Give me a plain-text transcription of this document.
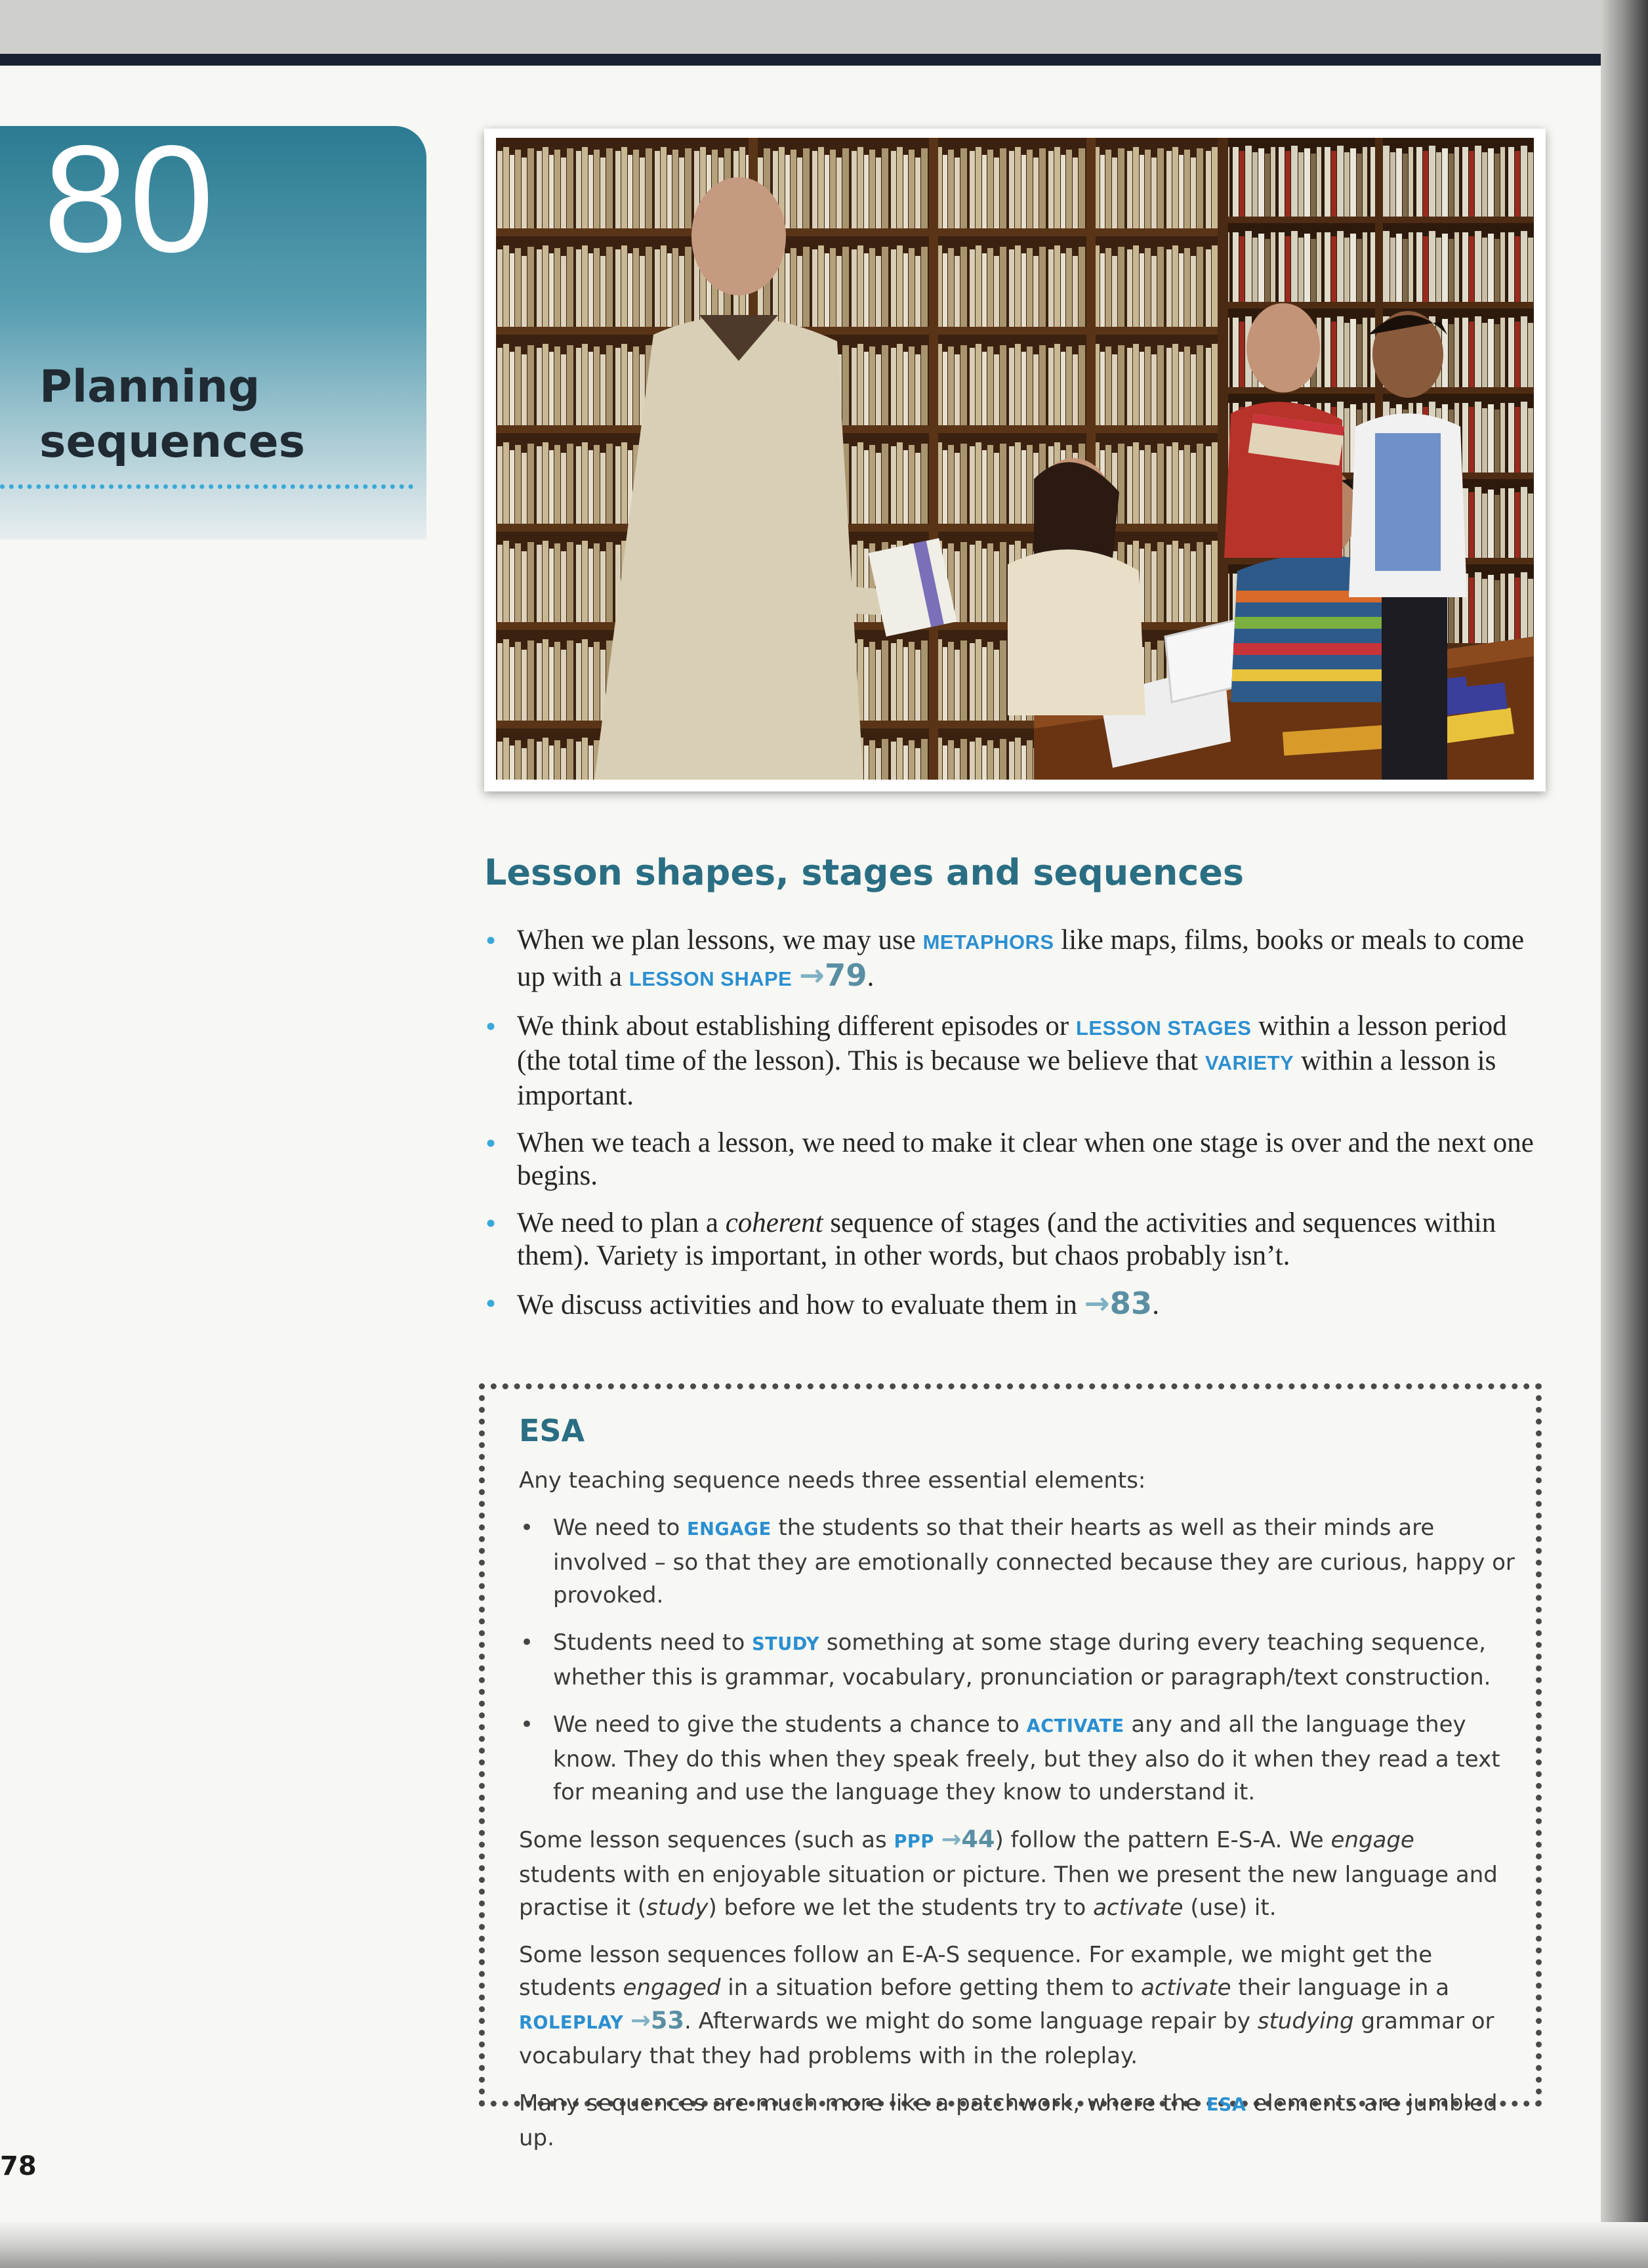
80
Planning sequences
Lesson shapes, stages and sequences
• When we plan lessons, we may use METAPHORS like maps, films, books or meals to come up with a LESSON SHAPE →79.
• We think about establishing different episodes or LESSON STAGES within a lesson period (the total time of the lesson). This is because we believe that VARIETY within a lesson is important.
• When we teach a lesson, we need to make it clear when one stage is over and the next one begins.
• We need to plan a coherent sequence of stages (and the activities and sequences within them). Variety is important, in other words, but chaos probably isn’t.
• We discuss activities and how to evaluate them in →83.
ESA

Any teaching sequence needs three essential elements:

• We need to ENGAGE the students so that their hearts as well as their minds are involved – so that they are emotionally connected because they are curious, happy or provoked.
• Students need to STUDY something at some stage during every teaching sequence, whether this is grammar, vocabulary, pronunciation or paragraph/text construction.
• We need to give the students a chance to ACTIVATE any and all the language they know. They do this when they speak freely, but they also do it when they read a text for meaning and use the language they know to understand it.

Some lesson sequences (such as PPP →44) follow the pattern E-S-A. We engage students with en enjoyable situation or picture. Then we present the new language and practise it (study) before we let the students try to activate (use) it.

Some lesson sequences follow an E-A-S sequence. For example, we might get the students engaged in a situation before getting them to activate their language in a ROLEPLAY →53. Afterwards we might do some language repair by studying grammar or vocabulary that they had problems with in the roleplay.

Many sequences are much more like a patchwork, where the ESA elements are jumbled up.

78
